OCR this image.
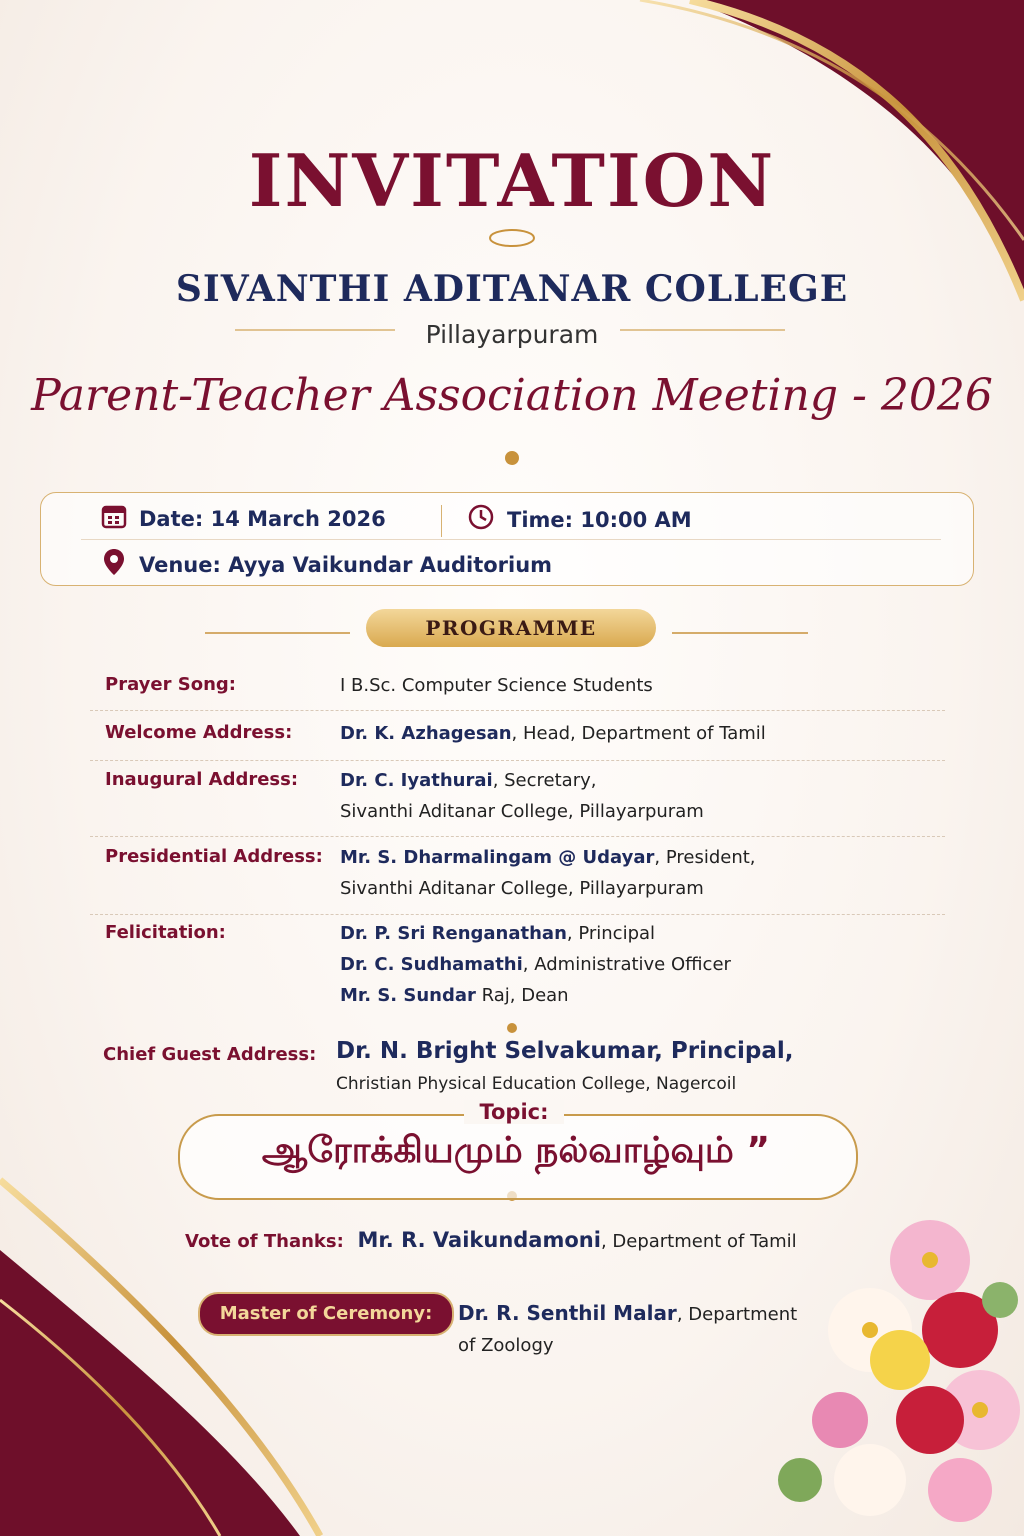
INVITATION
SIVANTHI ADITANAR COLLEGE
Pillayarpuram
Parent-Teacher Association Meeting - 2026
Date: 14 March 2026	Time: 10:00 AM
Venue: Ayya Vaikundar Auditorium
PROGRAMME
Prayer Song:	I B.Sc. Computer Science Students
Welcome Address:	Dr. K. Azhagesan, Head, Department of Tamil
Inaugural Address: Dr. C. Iyathurai, Secretary,
Sivanthi Aditanar College, Pillayarpuram
Presidential Address: Mr. S. Dharmalingam @ Udayar, President,
Sivanthi Aditanar College, Pillayarpuram
Felicitation:	Dr. P. Sri Renganathan, Principal
Dr. C. Sudhamathi, Administrative Officer
Mr. S. Sundar Raj, Dean
Chief Guest Address: Dr. N. Bright Selvakumar, Principal,
Christian Physical Education College, Nagercoil
Topic:
ஆரோக்கியமும் நல்வாழ்வும் ”
Vote of Thanks: Mr. R. Vaikundamoni, Department of Tamil
Master of Ceremony:	Dr. R. Senthil Malar, Department
of Zoology
